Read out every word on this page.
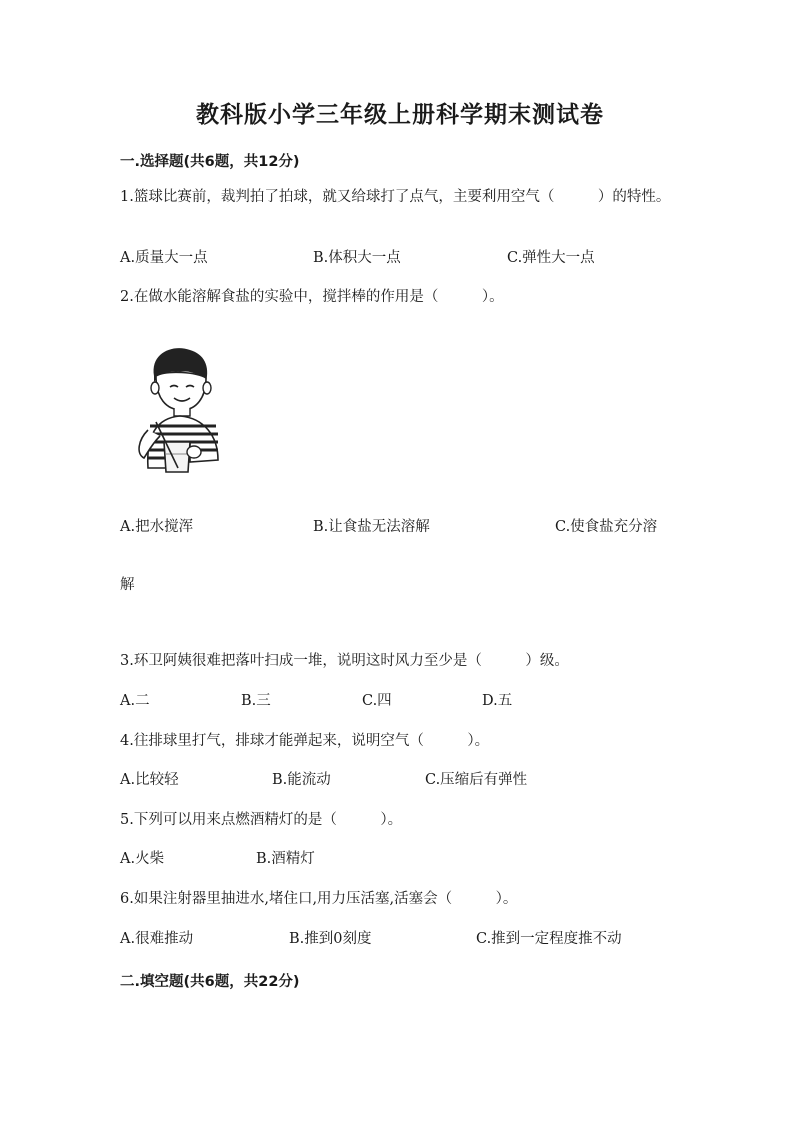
教科版小学三年级上册科学期末测试卷
一.选择题(共6题，共12分)
1.篮球比赛前，裁判拍了拍球，就又给球打了点气，主要利用空气（　　　）的特性。
A.质量大一点	B.体积大一点	C.弹性大一点
2.在做水能溶解食盐的实验中，搅拌棒的作用是（　　　）。
A.把水搅浑	B.让食盐无法溶解	C.使食盐充分溶
解
3.环卫阿姨很难把落叶扫成一堆，说明这时风力至少是（　　　）级。
A.二	B.三	C.四	D.五
4.往排球里打气，排球才能弹起来，说明空气（　　　）。
A.比较轻	B.能流动	C.压缩后有弹性
5.下列可以用来点燃酒精灯的是（　　　）。
A.火柴	B.酒精灯
6.如果注射器里抽进水,堵住口,用力压活塞,活塞会（　　　）。
A.很难推动	B.推到0刻度	C.推到一定程度推不动
二.填空题(共6题，共22分)
